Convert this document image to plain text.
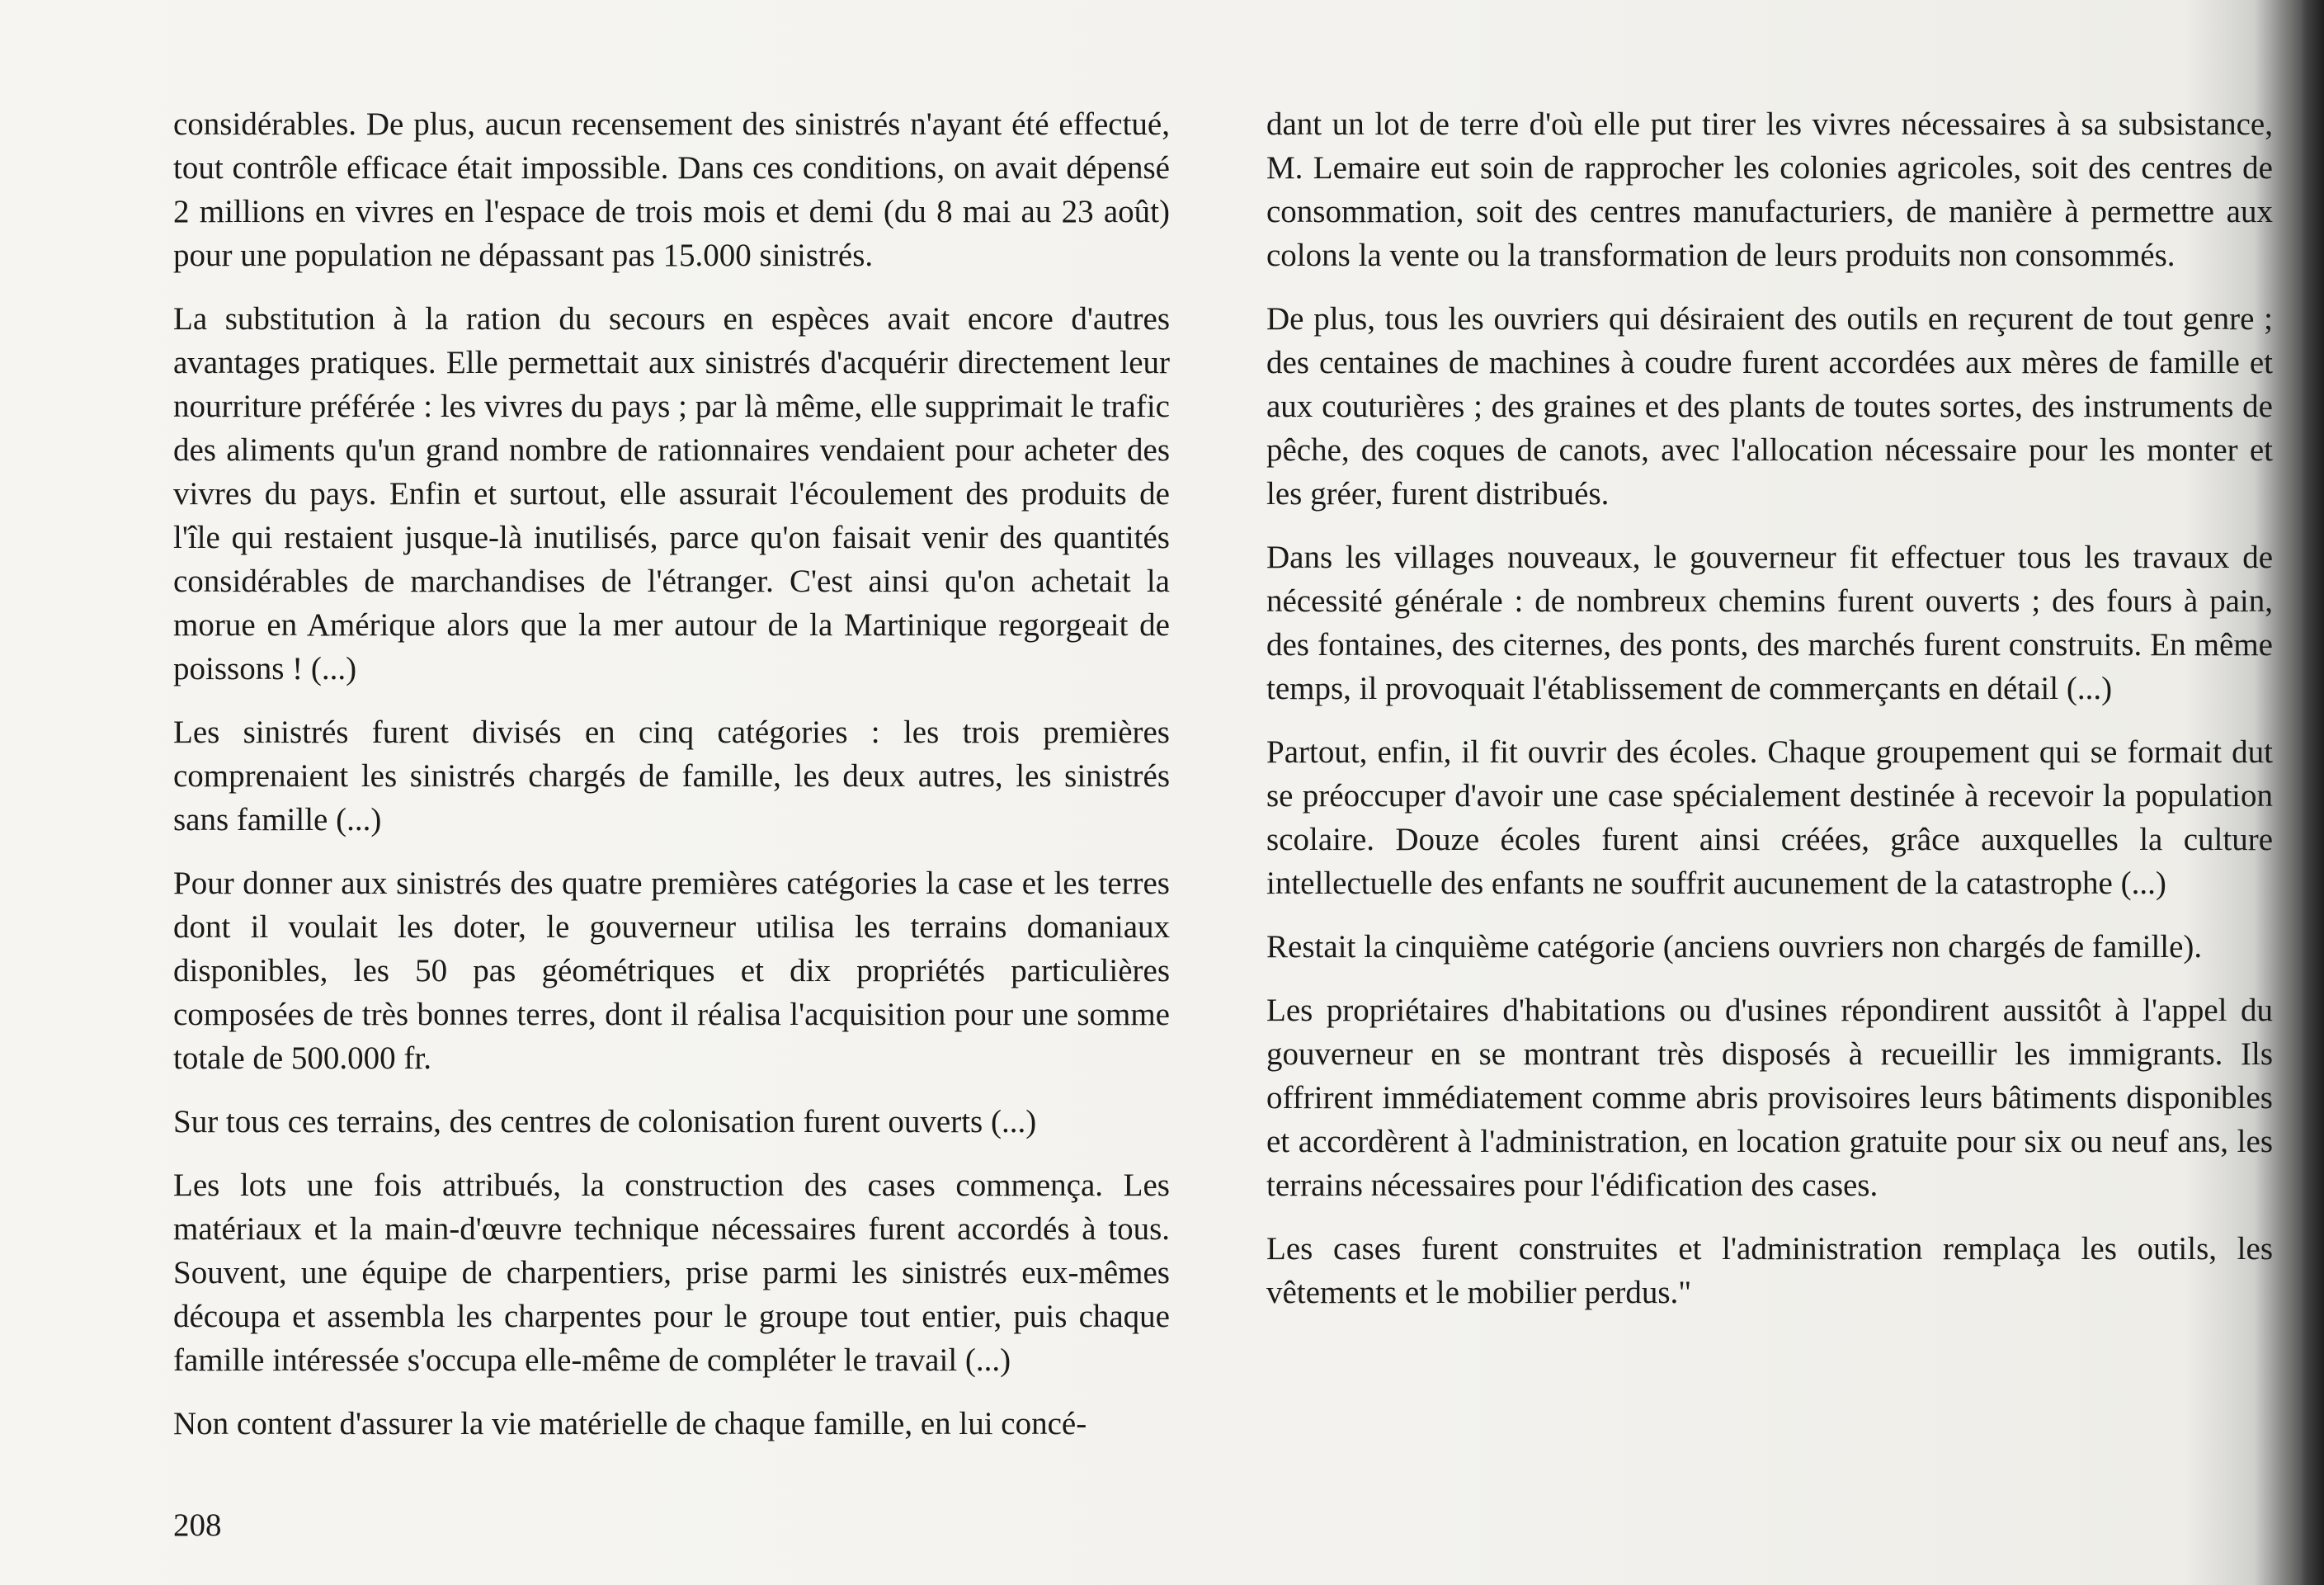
considérables. De plus, aucun recensement des sinistrés n'ayant été effectué, tout contrôle efficace était impossible. Dans ces conditions, on avait dépensé 2 millions en vivres en l'espace de trois mois et demi (du 8 mai au 23 août) pour une population ne dépassant pas 15.000 sinistrés.

La substitution à la ration du secours en espèces avait encore d'autres avantages pratiques. Elle permettait aux sinistrés d'acquérir directement leur nourriture préférée : les vivres du pays ; par là même, elle supprimait le trafic des aliments qu'un grand nombre de rationnaires vendaient pour acheter des vivres du pays. Enfin et surtout, elle assurait l'écoulement des produits de l'île qui restaient jusque-là inutilisés, parce qu'on faisait venir des quantités considérables de marchandises de l'étranger. C'est ainsi qu'on achetait la morue en Amérique alors que la mer autour de la Martinique regorgeait de poissons ! (...)

Les sinistrés furent divisés en cinq catégories : les trois premières comprenaient les sinistrés chargés de famille, les deux autres, les sinistrés sans famille (...)

Pour donner aux sinistrés des quatre premières catégories la case et les terres dont il voulait les doter, le gouverneur utilisa les terrains domaniaux disponibles, les 50 pas géométriques et dix propriétés particulières composées de très bonnes terres, dont il réalisa l'acquisition pour une somme totale de 500.000 fr.

Sur tous ces terrains, des centres de colonisation furent ouverts (...)

Les lots une fois attribués, la construction des cases commença. Les matériaux et la main-d'œuvre technique nécessaires furent accordés à tous. Souvent, une équipe de charpentiers, prise parmi les sinistrés eux-mêmes découpa et assembla les charpentes pour le groupe tout entier, puis chaque famille intéressée s'occupa elle-même de compléter le travail (...)

Non content d'assurer la vie matérielle de chaque famille, en lui concé-

dant un lot de terre d'où elle put tirer les vivres nécessaires à sa subsistance, M. Lemaire eut soin de rapprocher les colonies agricoles, soit des centres de consommation, soit des centres manufacturiers, de manière à permettre aux colons la vente ou la transformation de leurs produits non consommés.

De plus, tous les ouvriers qui désiraient des outils en reçurent de tout genre ; des centaines de machines à coudre furent accordées aux mères de famille et aux couturières ; des graines et des plants de toutes sortes, des instruments de pêche, des coques de canots, avec l'allocation nécessaire pour les monter et les gréer, furent distribués.

Dans les villages nouveaux, le gouverneur fit effectuer tous les travaux de nécessité générale : de nombreux chemins furent ouverts ; des fours à pain, des fontaines, des citernes, des ponts, des marchés furent construits. En même temps, il provoquait l'établissement de commerçants en détail (...)

Partout, enfin, il fit ouvrir des écoles. Chaque groupement qui se formait dut se préoccuper d'avoir une case spécialement destinée à recevoir la population scolaire. Douze écoles furent ainsi créées, grâce auxquelles la culture intellectuelle des enfants ne souffrit aucunement de la catastrophe (...)

Restait la cinquième catégorie (anciens ouvriers non chargés de famille).

Les propriétaires d'habitations ou d'usines répondirent aussitôt à l'appel du gouverneur en se montrant très disposés à recueillir les immigrants. Ils offrirent immédiatement comme abris provisoires leurs bâtiments disponibles et accordèrent à l'administration, en location gratuite pour six ou neuf ans, les terrains nécessaires pour l'édification des cases.

Les cases furent construites et l'administration remplaça les outils, les vêtements et le mobilier perdus."

208
